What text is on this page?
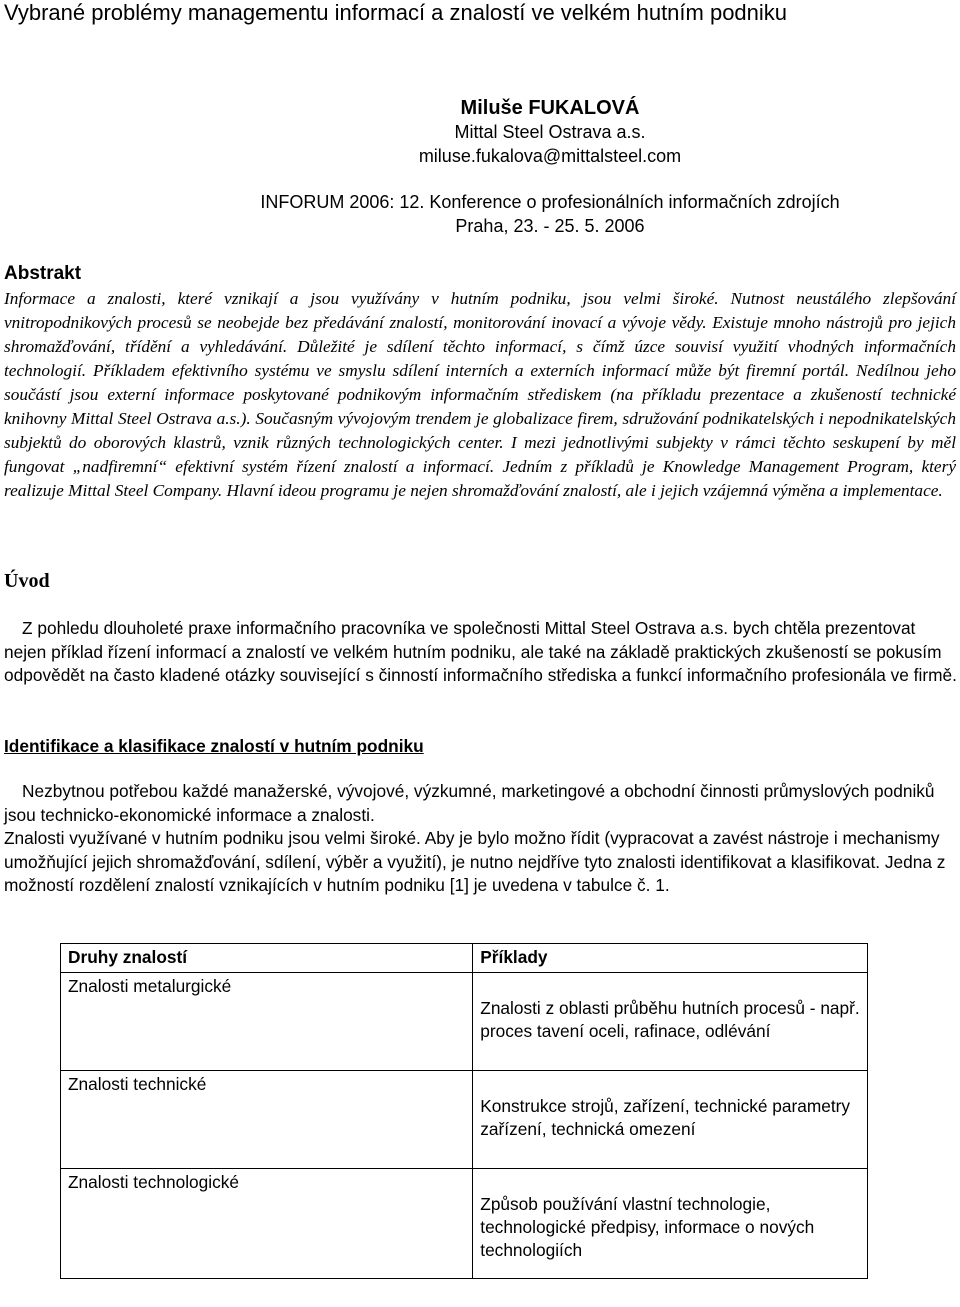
Vybrané problémy managementu informací a znalostí ve velkém hutním podniku
Miluše FUKALOVÁ
Mittal Steel Ostrava a.s.
miluse.fukalova@mittalsteel.com
INFORUM 2006: 12. Konference o profesionálních informačních zdrojích
Praha, 23. - 25. 5. 2006
Abstrakt

Informace a znalosti, které vznikají a jsou využívány v hutním podniku, jsou velmi široké. Nutnost neustálého zlepšování vnitropodnikových procesů se neobejde bez předávání znalostí, monitorování inovací a vývoje vědy. Existuje mnoho nástrojů pro jejich shromažďování, třídění a vyhledávání. Důležité je sdílení těchto informací, s čímž úzce souvisí využití vhodných informačních technologií. Příkladem efektivního systému ve smyslu sdílení interních a externích informací může být firemní portál. Nedílnou jeho součástí jsou externí informace poskytované podnikovým informačním střediskem (na příkladu prezentace a zkušeností technické knihovny Mittal Steel Ostrava a.s.). Současným vývojovým trendem je globalizace firem, sdružování podnikatelských i nepodnikatelských subjektů do oborových klastrů, vznik různých technologických center. I mezi jednotlivými subjekty v rámci těchto seskupení by měl fungovat „nadfiremní“ efektivní systém řízení znalostí a informací. Jedním z příkladů je Knowledge Management Program, který realizuje Mittal Steel Company. Hlavní ideou programu je nejen shromažďování znalostí, ale i jejich vzájemná výměna a implementace.

Úvod

Z pohledu dlouholeté praxe informačního pracovníka ve společnosti Mittal Steel Ostrava a.s. bych chtěla prezentovat nejen příklad řízení informací a znalostí ve velkém hutním podniku, ale také na základě praktických zkušeností se pokusím odpovědět na často kladené otázky související s činností informačního střediska a funkcí informačního profesionála ve firmě.

Identifikace a klasifikace znalostí v hutním podniku
Nezbytnou potřebou každé manažerské, vývojové, výzkumné, marketingové a obchodní činnosti průmyslových podniků jsou technicko-ekonomické informace a znalosti.
Znalosti využívané v hutním podniku jsou velmi široké. Aby je bylo možno řídit (vypracovat a zavést nástroje i mechanismy umožňující jejich shromažďování, sdílení, výběr a využití), je nutno nejdříve tyto znalosti identifikovat a klasifikovat. Jedna z možností rozdělení znalostí vznikajících v hutním podniku [1] je uvedena v tabulce č. 1.
Druhy znalostí	Příklady
Znalosti metalurgické	Znalosti z oblasti průběhu hutních procesů - např. proces tavení oceli, rafinace, odlévání

Znalosti technické	Konstrukce strojů, zařízení, technické parametry zařízení, technická omezení

Znalosti technologické	Způsob používání vlastní technologie, technologické předpisy, informace o nových technologiích
